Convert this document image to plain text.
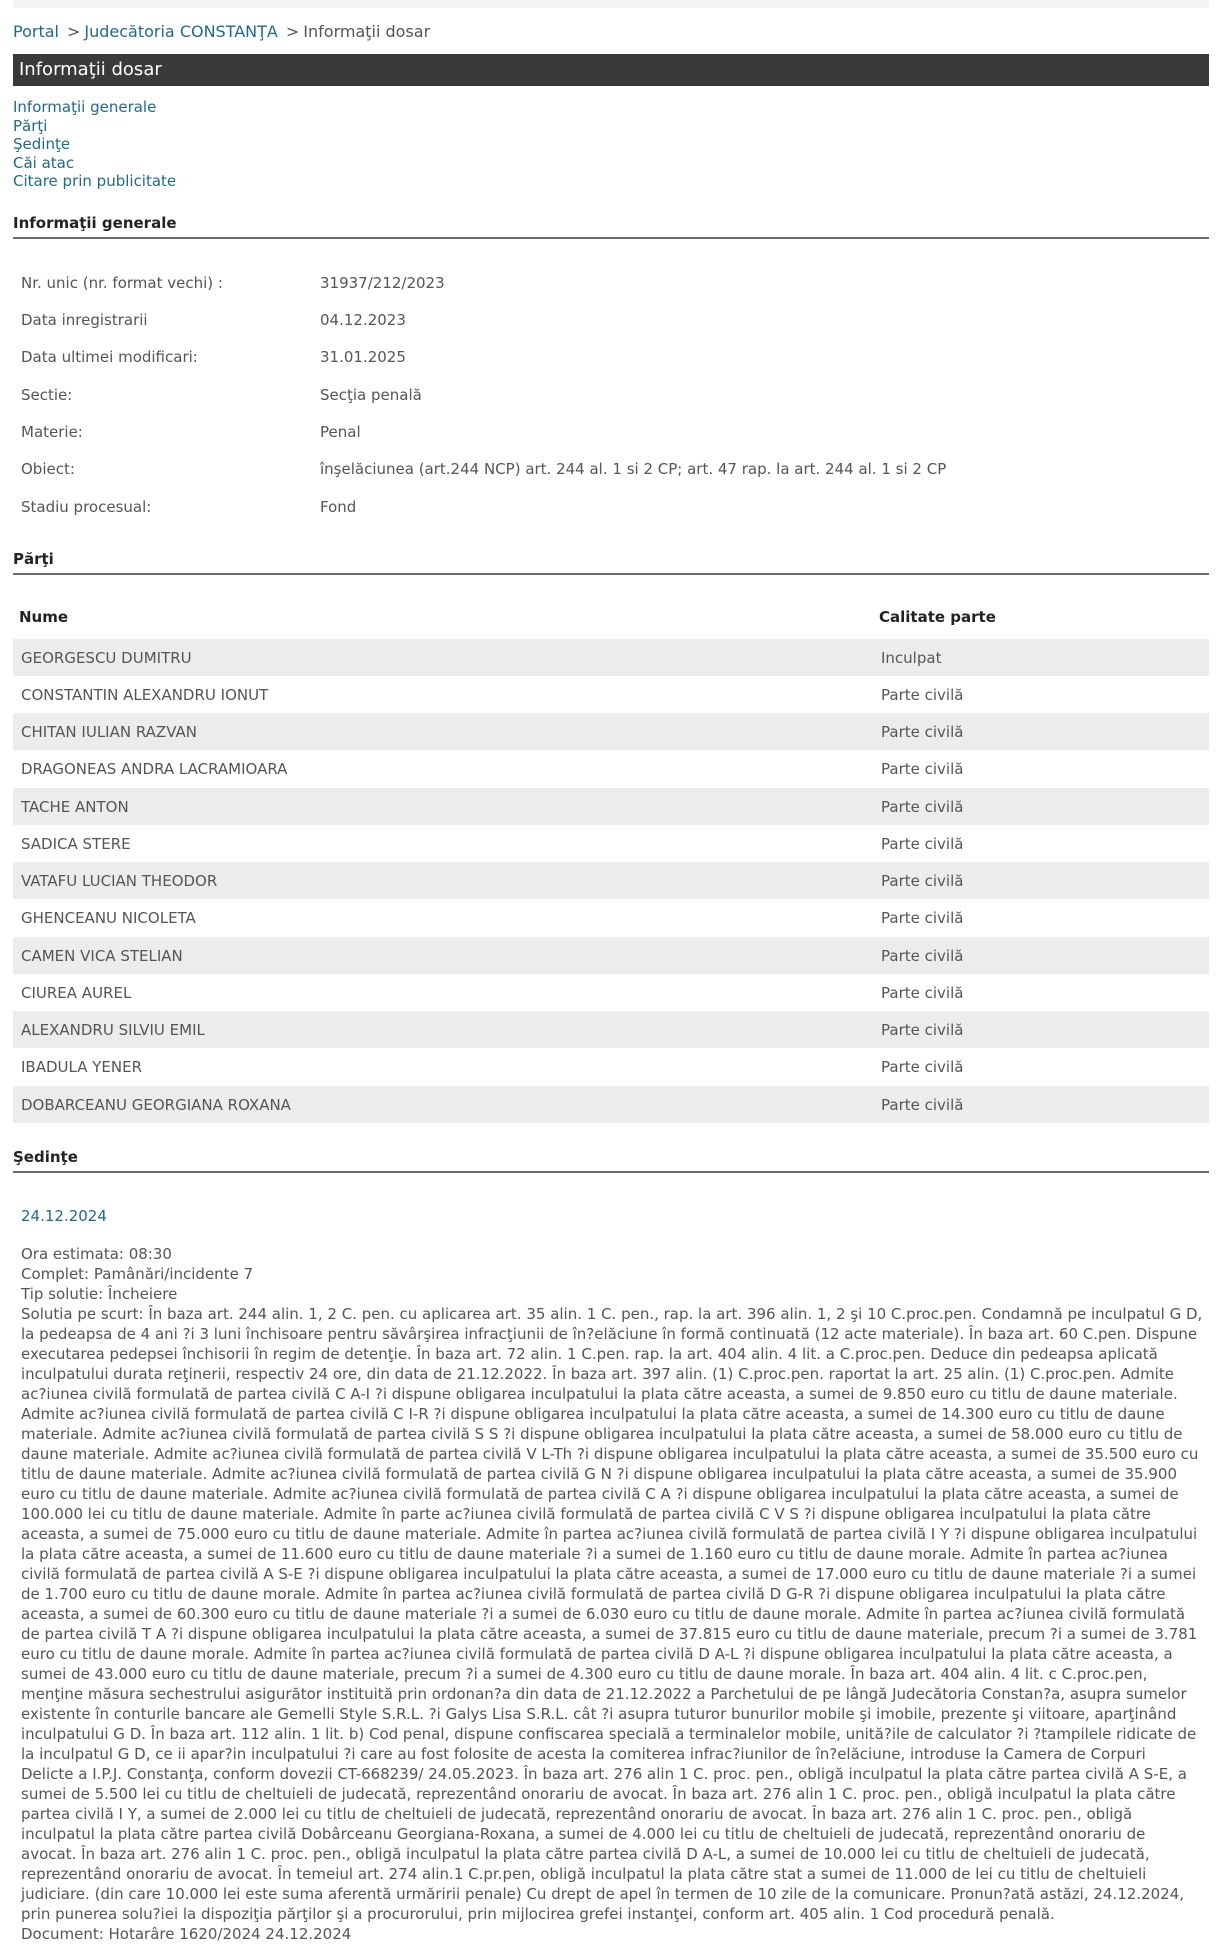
Portal > Judecătoria CONSTANŢA > Informaţii dosar
Informaţii dosar
Informaţii generale
Părţi
Şedinţe
Căi atac
Citare prin publicitate
Informaţii generale
Nr. unic (nr. format vechi) :	31937/212/2023
Data inregistrarii	04.12.2023
Data ultimei modificari:	31.01.2025
Sectie:	Secţia penală
Materie:	Penal
Obiect:	înşelăciunea (art.244 NCP) art. 244 al. 1 si 2 CP; art. 47 rap. la art. 244 al. 1 si 2 CP
Stadiu procesual:	Fond
Părţi
Nume	Calitate parte
GEORGESCU DUMITRU	Inculpat
CONSTANTIN ALEXANDRU IONUT	Parte civilă
CHITAN IULIAN RAZVAN	Parte civilă
DRAGONEAS ANDRA LACRAMIOARA	Parte civilă
TACHE ANTON	Parte civilă
SADICA STERE	Parte civilă
VATAFU LUCIAN THEODOR	Parte civilă
GHENCEANU NICOLETA	Parte civilă
CAMEN VICA STELIAN	Parte civilă
CIUREA AUREL	Parte civilă
ALEXANDRU SILVIU EMIL	Parte civilă
IBADULA YENER	Parte civilă
DOBARCEANU GEORGIANA ROXANA	Parte civilă
Şedinţe
24.12.2024
Ora estimata: 08:30
Complet: Pamânări/incidente 7
Tip solutie: Încheiere
Solutia pe scurt: În baza art. 244 alin. 1, 2 C. pen. cu aplicarea art. 35 alin. 1 C. pen., rap. la art. 396 alin. 1, 2 şi 10 C.proc.pen. Condamnă pe inculpatul G D, la pedeapsa de 4 ani ?i 3 luni închisoare pentru săvârşirea infracţiunii de în?elăciune în formă continuată (12 acte materiale). În baza art. 60 C.pen. Dispune executarea pedepsei închisorii în regim de detenţie. În baza art. 72 alin. 1 C.pen. rap. la art. 404 alin. 4 lit. a C.proc.pen. Deduce din pedeapsa aplicată inculpatului durata reţinerii, respectiv 24 ore, din data de 21.12.2022. În baza art. 397 alin. (1) C.proc.pen. raportat la art. 25 alin. (1) C.proc.pen. Admite ac?iunea civilă formulată de partea civilă C A-I ?i dispune obligarea inculpatului la plata către aceasta, a sumei de 9.850 euro cu titlu de daune materiale. Admite ac?iunea civilă formulată de partea civilă C I-R ?i dispune obligarea inculpatului la plata către aceasta, a sumei de 14.300 euro cu titlu de daune materiale. Admite ac?iunea civilă formulată de partea civilă S S ?i dispune obligarea inculpatului la plata către aceasta, a sumei de 58.000 euro cu titlu de daune materiale. Admite ac?iunea civilă formulată de partea civilă V L-Th ?i dispune obligarea inculpatului la plata către aceasta, a sumei de 35.500 euro cu titlu de daune materiale. Admite ac?iunea civilă formulată de partea civilă G N ?i dispune obligarea inculpatului la plata către aceasta, a sumei de 35.900 euro cu titlu de daune materiale. Admite ac?iunea civilă formulată de partea civilă C A ?i dispune obligarea inculpatului la plata către aceasta, a sumei de 100.000 lei cu titlu de daune materiale. Admite în parte ac?iunea civilă formulată de partea civilă C V S ?i dispune obligarea inculpatului la plata către aceasta, a sumei de 75.000 euro cu titlu de daune materiale. Admite în partea ac?iunea civilă formulată de partea civilă I Y ?i dispune obligarea inculpatului la plata către aceasta, a sumei de 11.600 euro cu titlu de daune materiale ?i a sumei de 1.160 euro cu titlu de daune morale. Admite în partea ac?iunea civilă formulată de partea civilă A S-E ?i dispune obligarea inculpatului la plata către aceasta, a sumei de 17.000 euro cu titlu de daune materiale ?i a sumei de 1.700 euro cu titlu de daune morale. Admite în partea ac?iunea civilă formulată de partea civilă D G-R ?i dispune obligarea inculpatului la plata către aceasta, a sumei de 60.300 euro cu titlu de daune materiale ?i a sumei de 6.030 euro cu titlu de daune morale. Admite în partea ac?iunea civilă formulată de partea civilă T A ?i dispune obligarea inculpatului la plata către aceasta, a sumei de 37.815 euro cu titlu de daune materiale, precum ?i a sumei de 3.781 euro cu titlu de daune morale. Admite în partea ac?iunea civilă formulată de partea civilă D A-L ?i dispune obligarea inculpatului la plata către aceasta, a sumei de 43.000 euro cu titlu de daune materiale, precum ?i a sumei de 4.300 euro cu titlu de daune morale. În baza art. 404 alin. 4 lit. c C.proc.pen, menţine măsura sechestrului asigurător instituită prin ordonan?a din data de 21.12.2022 a Parchetului de pe lângă Judecătoria Constan?a, asupra sumelor existente în conturile bancare ale Gemelli Style S.R.L. ?i Galys Lisa S.R.L. cât ?i asupra tuturor bunurilor mobile şi imobile, prezente şi viitoare, aparţinând inculpatului G D. În baza art. 112 alin. 1 lit. b) Cod penal, dispune confiscarea specială a terminalelor mobile, unită?ile de calculator ?i ?tampilele ridicate de la inculpatul G D, ce ii apar?in inculpatului ?i care au fost folosite de acesta la comiterea infrac?iunilor de în?elăciune, introduse la Camera de Corpuri Delicte a I.P.J. Constanţa, conform dovezii CT-668239/ 24.05.2023. În baza art. 276 alin 1 C. proc. pen., obligă inculpatul la plata către partea civilă A S-E, a sumei de 5.500 lei cu titlu de cheltuieli de judecată, reprezentând onorariu de avocat. În baza art. 276 alin 1 C. proc. pen., obligă inculpatul la plata către partea civilă I Y, a sumei de 2.000 lei cu titlu de cheltuieli de judecată, reprezentând onorariu de avocat. În baza art. 276 alin 1 C. proc. pen., obligă inculpatul la plata către partea civilă Dobârceanu Georgiana-Roxana, a sumei de 4.000 lei cu titlu de cheltuieli de judecată, reprezentând onorariu de avocat. În baza art. 276 alin 1 C. proc. pen., obligă inculpatul la plata către partea civilă D A-L, a sumei de 10.000 lei cu titlu de cheltuieli de judecată, reprezentând onorariu de avocat. În temeiul art. 274 alin.1 C.pr.pen, obligă inculpatul la plata către stat a sumei de 11.000 de lei cu titlu de cheltuieli judiciare. (din care 10.000 lei este suma aferentă urmăririi penale) Cu drept de apel în termen de 10 zile de la comunicare. Pronun?ată astăzi, 24.12.2024, prin punerea solu?iei la dispoziţia părţilor şi a procurorului, prin mijlocirea grefei instanţei, conform art. 405 alin. 1 Cod procedură penală.
Document: Hotarâre 1620/2024 24.12.2024
